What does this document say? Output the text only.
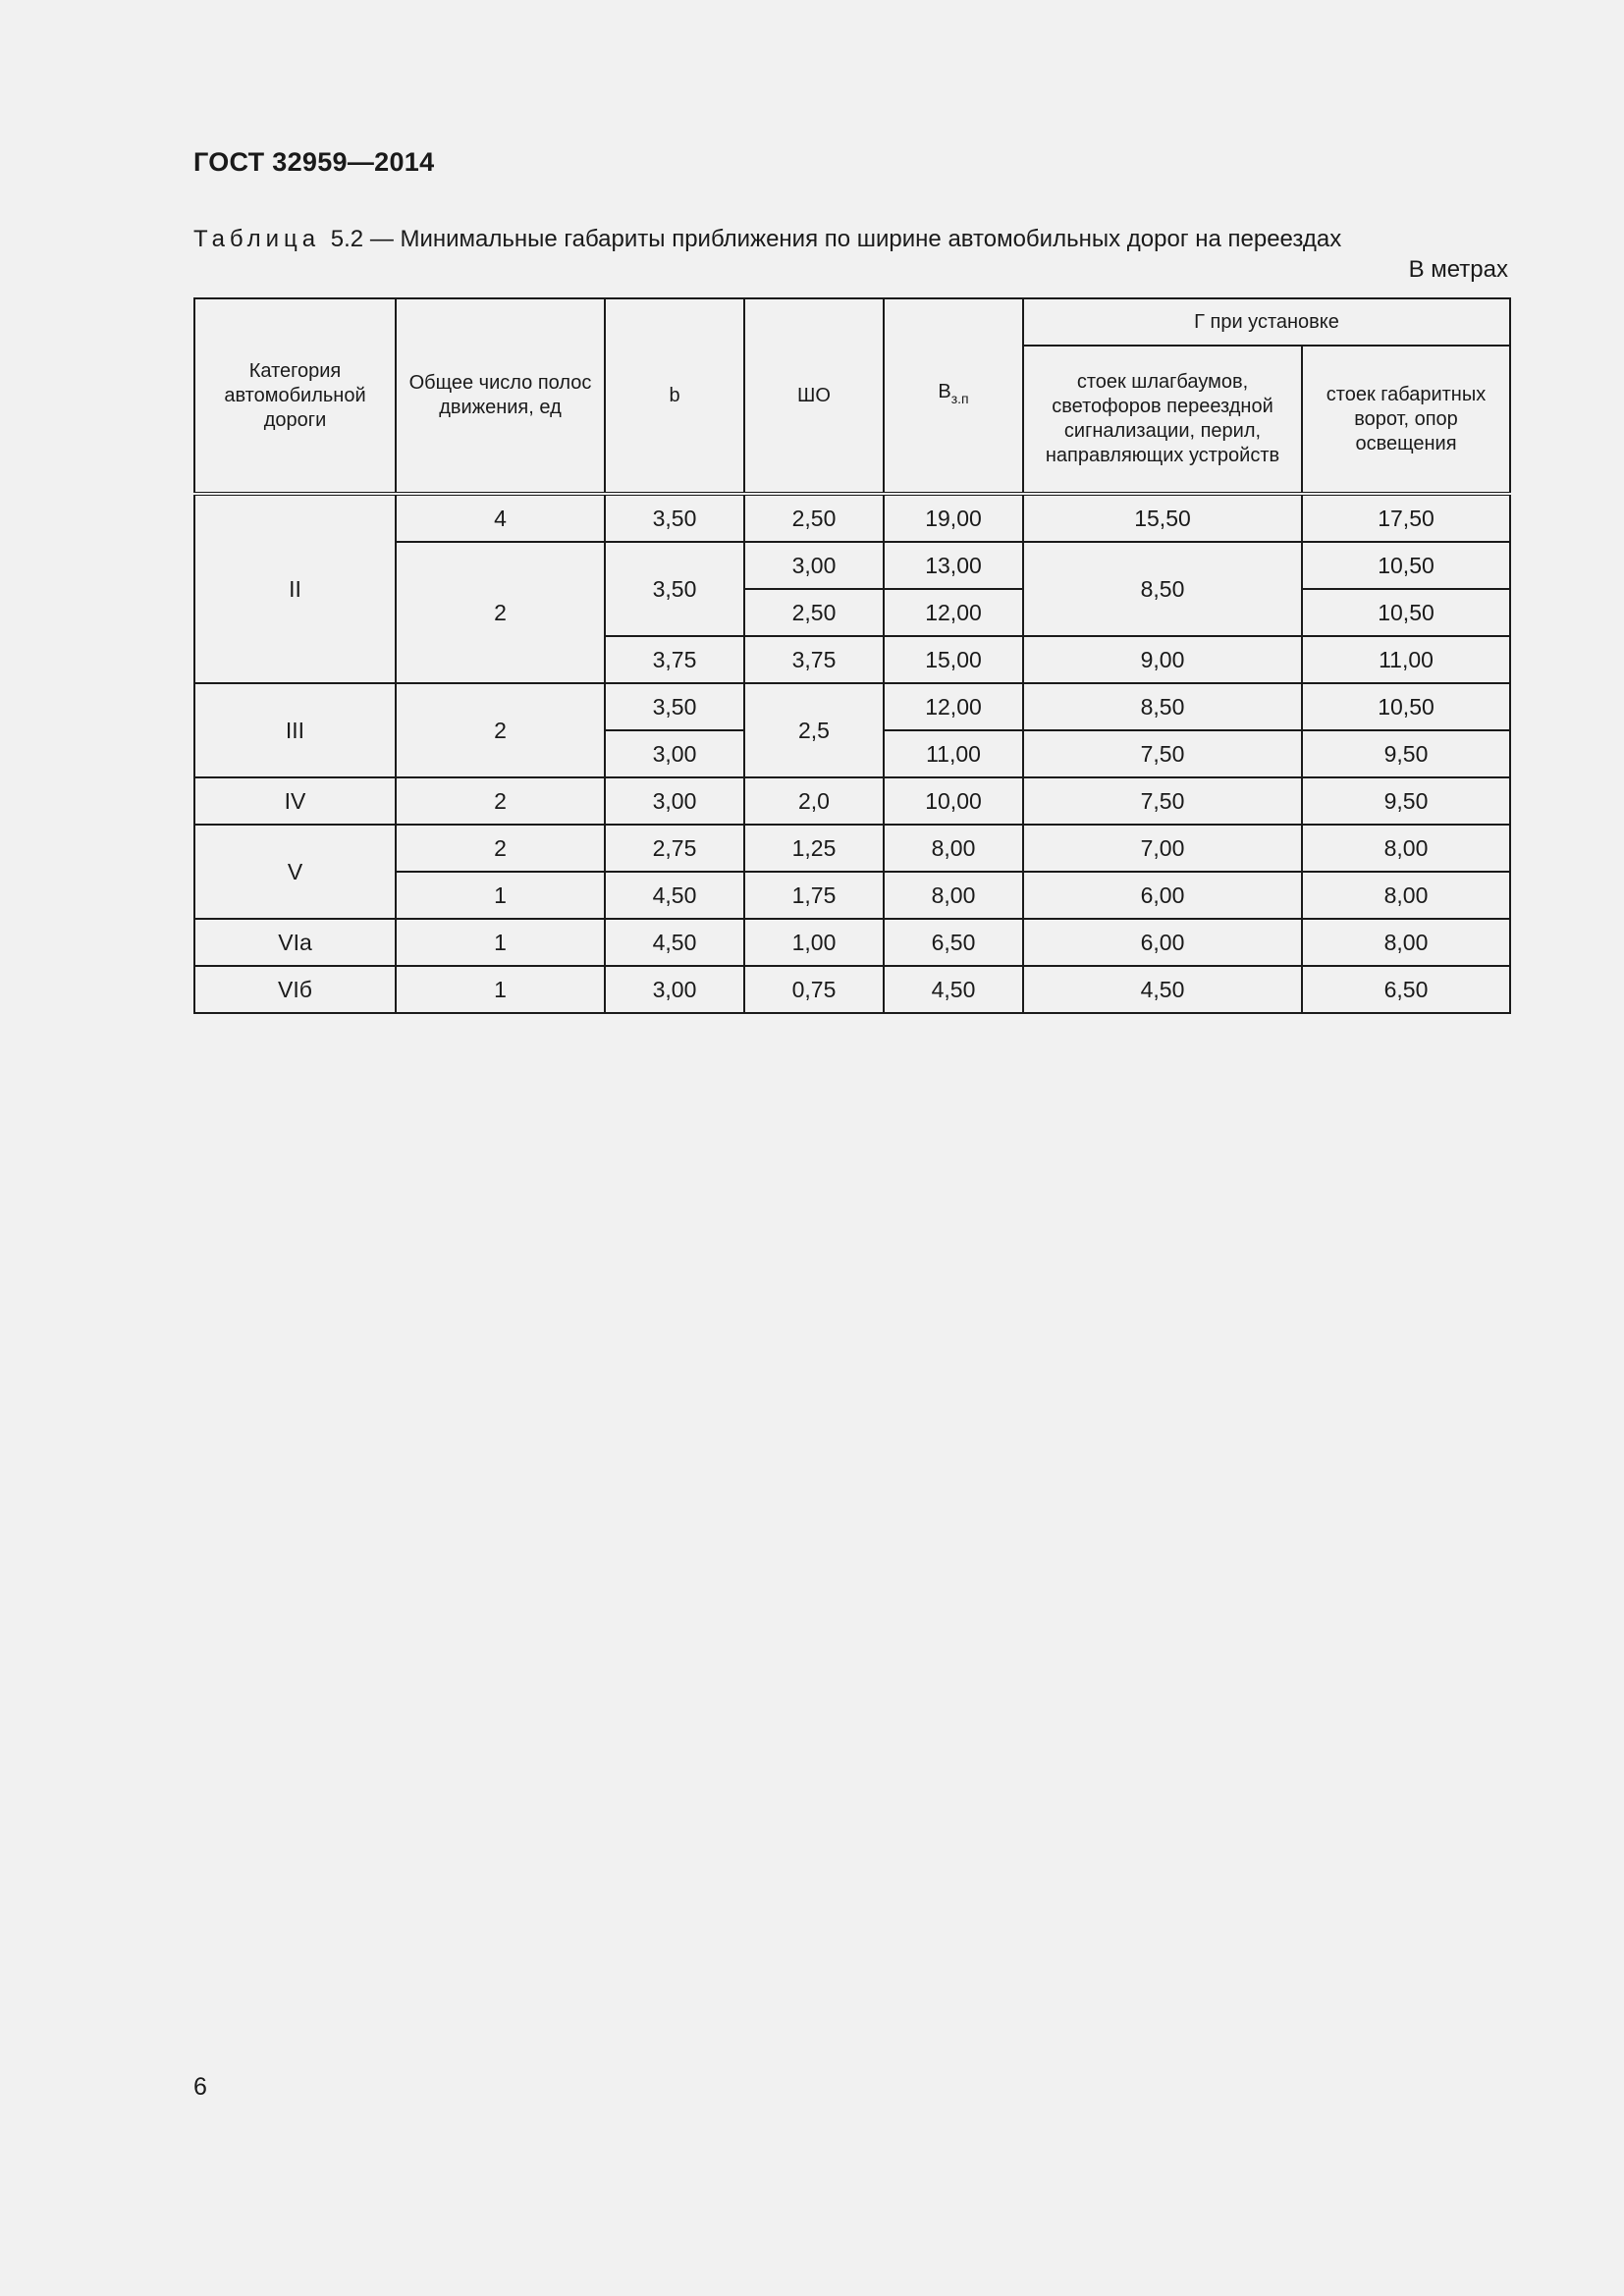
ГОСТ 32959—2014
Таблица 5.2 — Минимальные габариты приближения по ширине автомобильных дорог на переездах
В метрах
Категория автомобильной дороги	Общее число полос движения, ед	b	ШО	$В_{з.п}$	Г при установке	
					стоек шлагбаумов, светофоров переездной сигнализации, перил, направляющих устройств	стоек габаритных ворот, опор освещения
II	4	3,50	2,50	19,00	15,50	17,50
	2	3,50	3,00	13,00	8,50	10,50
			2,50	12,00		10,50
		3,75	3,75	15,00	9,00	11,00
III	2	3,50	2,5	12,00	8,50	10,50
		3,00		11,00	7,50	9,50
IV	2	3,00	2,0	10,00	7,50	9,50
V	2	2,75	1,25	8,00	7,00	8,00
	1	4,50	1,75	8,00	6,00	8,00
VIa	1	4,50	1,00	6,50	6,00	8,00
VIб	1	3,00	0,75	4,50	4,50	6,50
6
